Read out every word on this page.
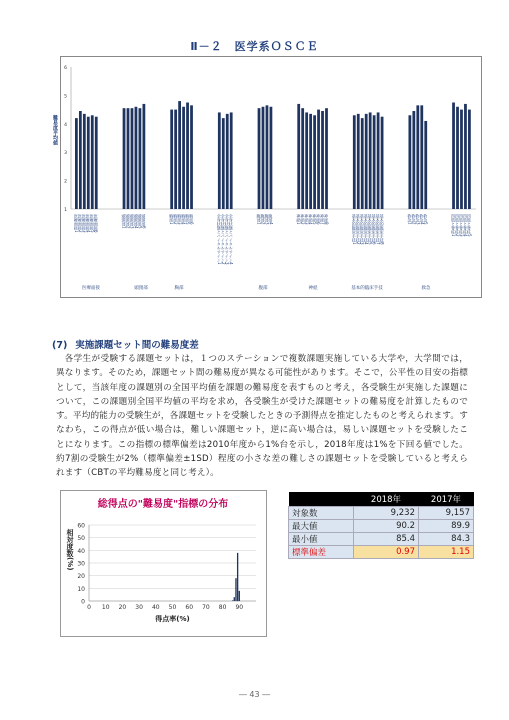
Ⅱ－２　医学系ＯＳＣＥ
1
2
3
4
5
6
難易度平均値
医療面接1
医療面接2
医療面接3
医療面接4
医療面接5
医療面接6	頭頸部1
頭頸部2
頭頸部3
頭頸部4
頭頸部5
頭頸部6	胸部1
胸部2
胸部3
胸部4
胸部5
胸部6	全身状態とバイタルサイン1
全身状態とバイタルサイン2
全身状態とバイタルサイン3
全身状態とバイタルサイン4	腹部1
腹部2
腹部3
腹部4	神経1
神経2
神経3
神経4
神経5
神経6
神経7
神経8	基本的臨床手技1
基本的臨床手技2
基本的臨床手技3
基本的臨床手技4
基本的臨床手技5
基本的臨床手技6
基本的臨床手技7
基本的臨床手技8	救急1
救急2
救急3
救急4
救急5	四肢と脊柱1
四肢と脊柱2
四肢と脊柱3
四肢と脊柱4
四肢と脊柱5
医療面接	頭頸部	胸部	腹部	神経	基本的臨床手技	救急
(7) 実施課題セット間の難易度差
各学生が受験する課題セットは，１つのステーションで複数課題実施している大学や，大学間では，異なります。そのため，課題セット間の難易度が異なる可能性があります。そこで，公平性の目安の指標として，当該年度の課題別の全国平均値を課題の難易度を表すものと考え，各受験生が実施した課題について，この課題別全国平均値の平均を求め，各受験生が受けた課題セットの難易度を計算したものです。平均的能力の受験生が，各課題セットを受験したときの予測得点を推定したものと考えられます。すなわち，この得点が低い場合は，難しい課題セット，逆に高い場合は，易しい課題セットを受験したことになります。この指標の標準偏差は2010年度から1%台を示し，2018年度は1%を下回る値でした。約7割の受験生が2%（標準偏差±1SD）程度の小さな差の難しさの課題セットを受験していると考えられます（CBTの平均難易度と同じ考え）。
総得点の"難易度"指標の分布
0
10
20
30
40
50
60
0 10 20 30 40 50 60 70 80 90
得点率(%)
相対度数(%)
	2018年	2017年
対象数	9,232	9,157
最大値	90.2	89.9
最小値	85.4	84.3
標準偏差	0.97	1.15
― 43 ―
